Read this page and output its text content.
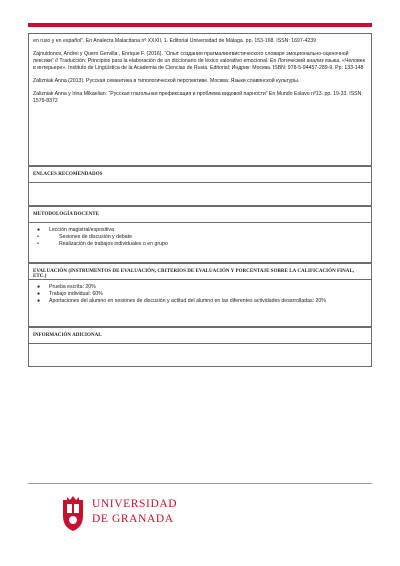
en ruso y en español”. En Analecta Malacitana nº XXXII, 1. Editorial Universidad de Málaga. pp. 153-168. ISSN: 1697-4239

Zajnuldonov, Andrei y Quero Gervilla , Enrique F. (2016). “Опыт создания прагмалингвистического словаря эмоционально-оценочной лексики” // Traducción: Principios para la elaboración de un diccionario de léxico valorativo emocional. En Логический анализ языка. «Человек в интерьере». Instituto de Lingüística de la Academia de Ciencias de Rusia. Editorial; Индрик: Москва. ISBN: 978-5-94457-289-9. Pp: 133-148

Zalizniak Anna (2013). Русская семантика в типологической перспективе. Москва: Языки славянской культуры.

Zalizniak Anna y Irina Mikaelian: “Русская глагольная префиксация и проблема видовой парности” En Mundo Eslavo nº13. pp. 19-33. ISSN: 1579-8372

ENLACES RECOMENDADOS
METODOLOGÍA DOCENTE
● Lección magistral/expositiva
•	Sesiones de discusión y debate
•	Realización de trabajos individuales o en grupo
EVALUACIÓN (INSTRUMENTOS DE EVALUACIÓN, CRITERIOS DE EVALUACIÓN Y PORCENTAJE SOBRE LA CALIFICACIÓN FINAL, ETC.)
● Prueba escrita: 20%
● Trabajo individual: 60%
● Aportaciones del alumno en sesiones de discusión y actitud del alumno en las diferentes actividades desarrolladas: 20%
INFORMACIÓN ADICIONAL
UNIVERSIDAD
DE GRANADA
